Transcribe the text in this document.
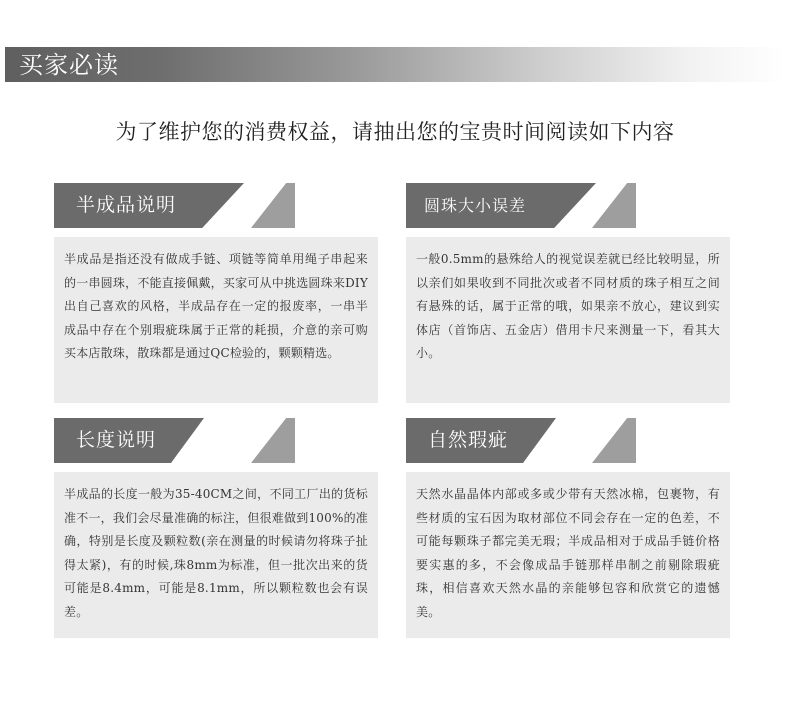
买家必读
为了维护您的消费权益，请抽出您的宝贵时间阅读如下内容
半成品说明

半成品是指还没有做成手链、项链等简单用绳子串起来的一串圆珠，不能直接佩戴，买家可从中挑选圆珠来DIY出自己喜欢的风格，半成品存在一定的报废率，一串半成品中存在个别瑕疵珠属于正常的耗损，介意的亲可购买本店散珠，散珠都是通过QC检验的，颗颗精选。

圆珠大小误差

一般0.5mm的悬殊给人的视觉误差就已经比较明显，所以亲们如果收到不同批次或者不同材质的珠子相互之间有悬殊的话，属于正常的哦，如果亲不放心，建议到实体店（首饰店、五金店）借用卡尺来测量一下，看其大小。

长度说明

半成品的长度一般为35-40CM之间，不同工厂出的货标准不一，我们会尽量准确的标注，但很难做到100%的准确，特别是长度及颗粒数(亲在测量的时候请勿将珠子扯得太紧)，有的时候,珠8mm为标准，但一批次出来的货可能是8.4mm，可能是8.1mm，所以颗粒数也会有误差。

自然瑕疵

天然水晶晶体内部或多或少带有天然冰棉，包裹物，有些材质的宝石因为取材部位不同会存在一定的色差，不可能每颗珠子都完美无瑕；半成品相对于成品手链价格要实惠的多，不会像成品手链那样串制之前剔除瑕疵珠，相信喜欢天然水晶的亲能够包容和欣赏它的遗憾美。
